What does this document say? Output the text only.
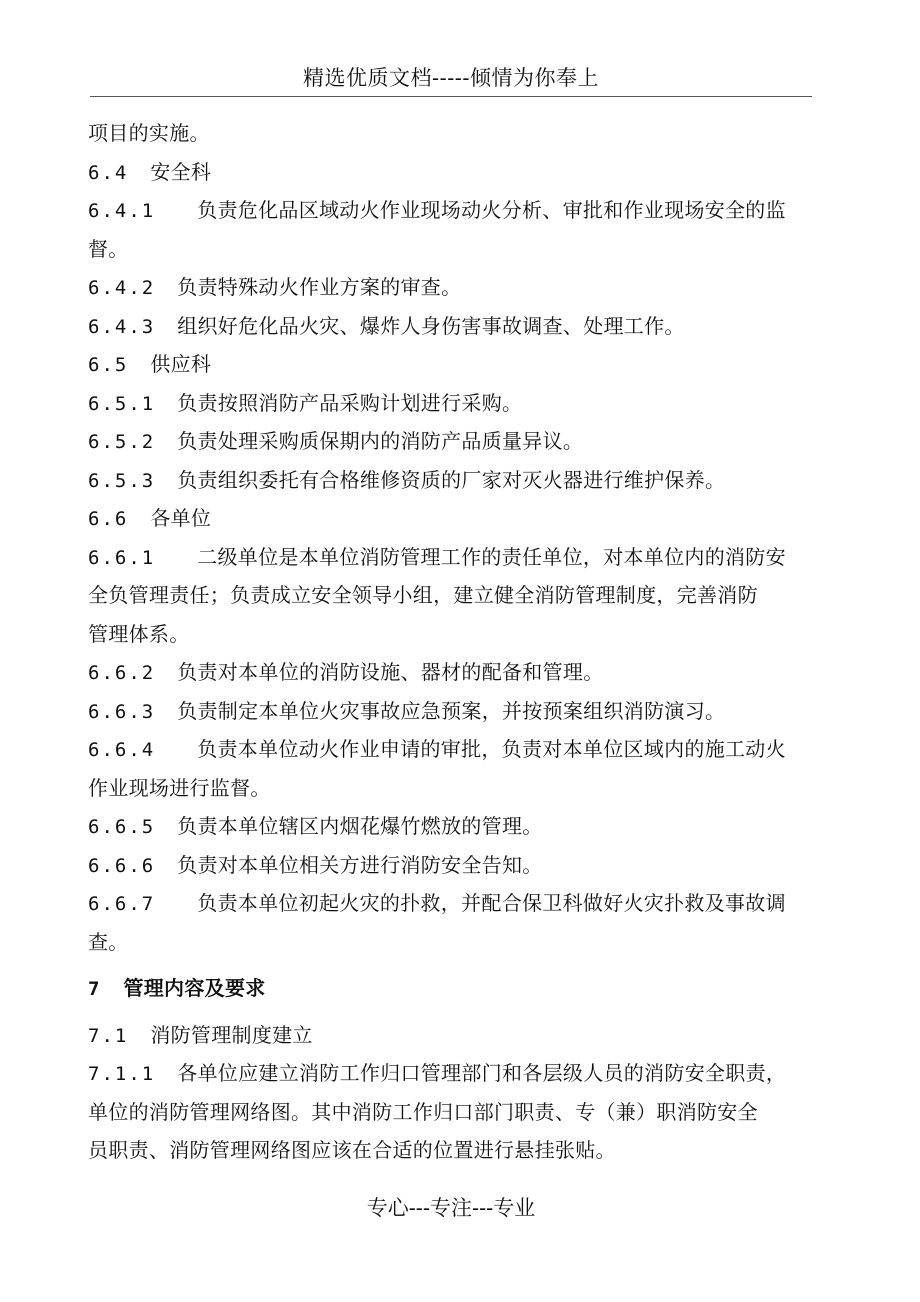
精选优质文档-----倾情为你奉上
项目的实施。
6.4 安全科
6.4.1 负责危化品区域动火作业现场动火分析、审批和作业现场安全的监
督。
6.4.2 负责特殊动火作业方案的审查。
6.4.3 组织好危化品火灾、爆炸人身伤害事故调查、处理工作。
6.5 供应科
6.5.1 负责按照消防产品采购计划进行采购。
6.5.2 负责处理采购质保期内的消防产品质量异议。
6.5.3 负责组织委托有合格维修资质的厂家对灭火器进行维护保养。
6.6 各单位
6.6.1 二级单位是本单位消防管理工作的责任单位，对本单位内的消防安
全负管理责任；负责成立安全领导小组，建立健全消防管理制度，完善消防
管理体系。
6.6.2 负责对本单位的消防设施、器材的配备和管理。
6.6.3 负责制定本单位火灾事故应急预案，并按预案组织消防演习。
6.6.4 负责本单位动火作业申请的审批，负责对本单位区域内的施工动火
作业现场进行监督。
6.6.5 负责本单位辖区内烟花爆竹燃放的管理。
6.6.6 负责对本单位相关方进行消防安全告知。
6.6.7 负责本单位初起火灾的扑救，并配合保卫科做好火灾扑救及事故调
查。
7 管理内容及要求
7.1 消防管理制度建立
7.1.1 各单位应建立消防工作归口管理部门和各层级人员的消防安全职责，
单位的消防管理网络图。其中消防工作归口部门职责、专（兼）职消防安全
员职责、消防管理网络图应该在合适的位置进行悬挂张贴。
专心---专注---专业
